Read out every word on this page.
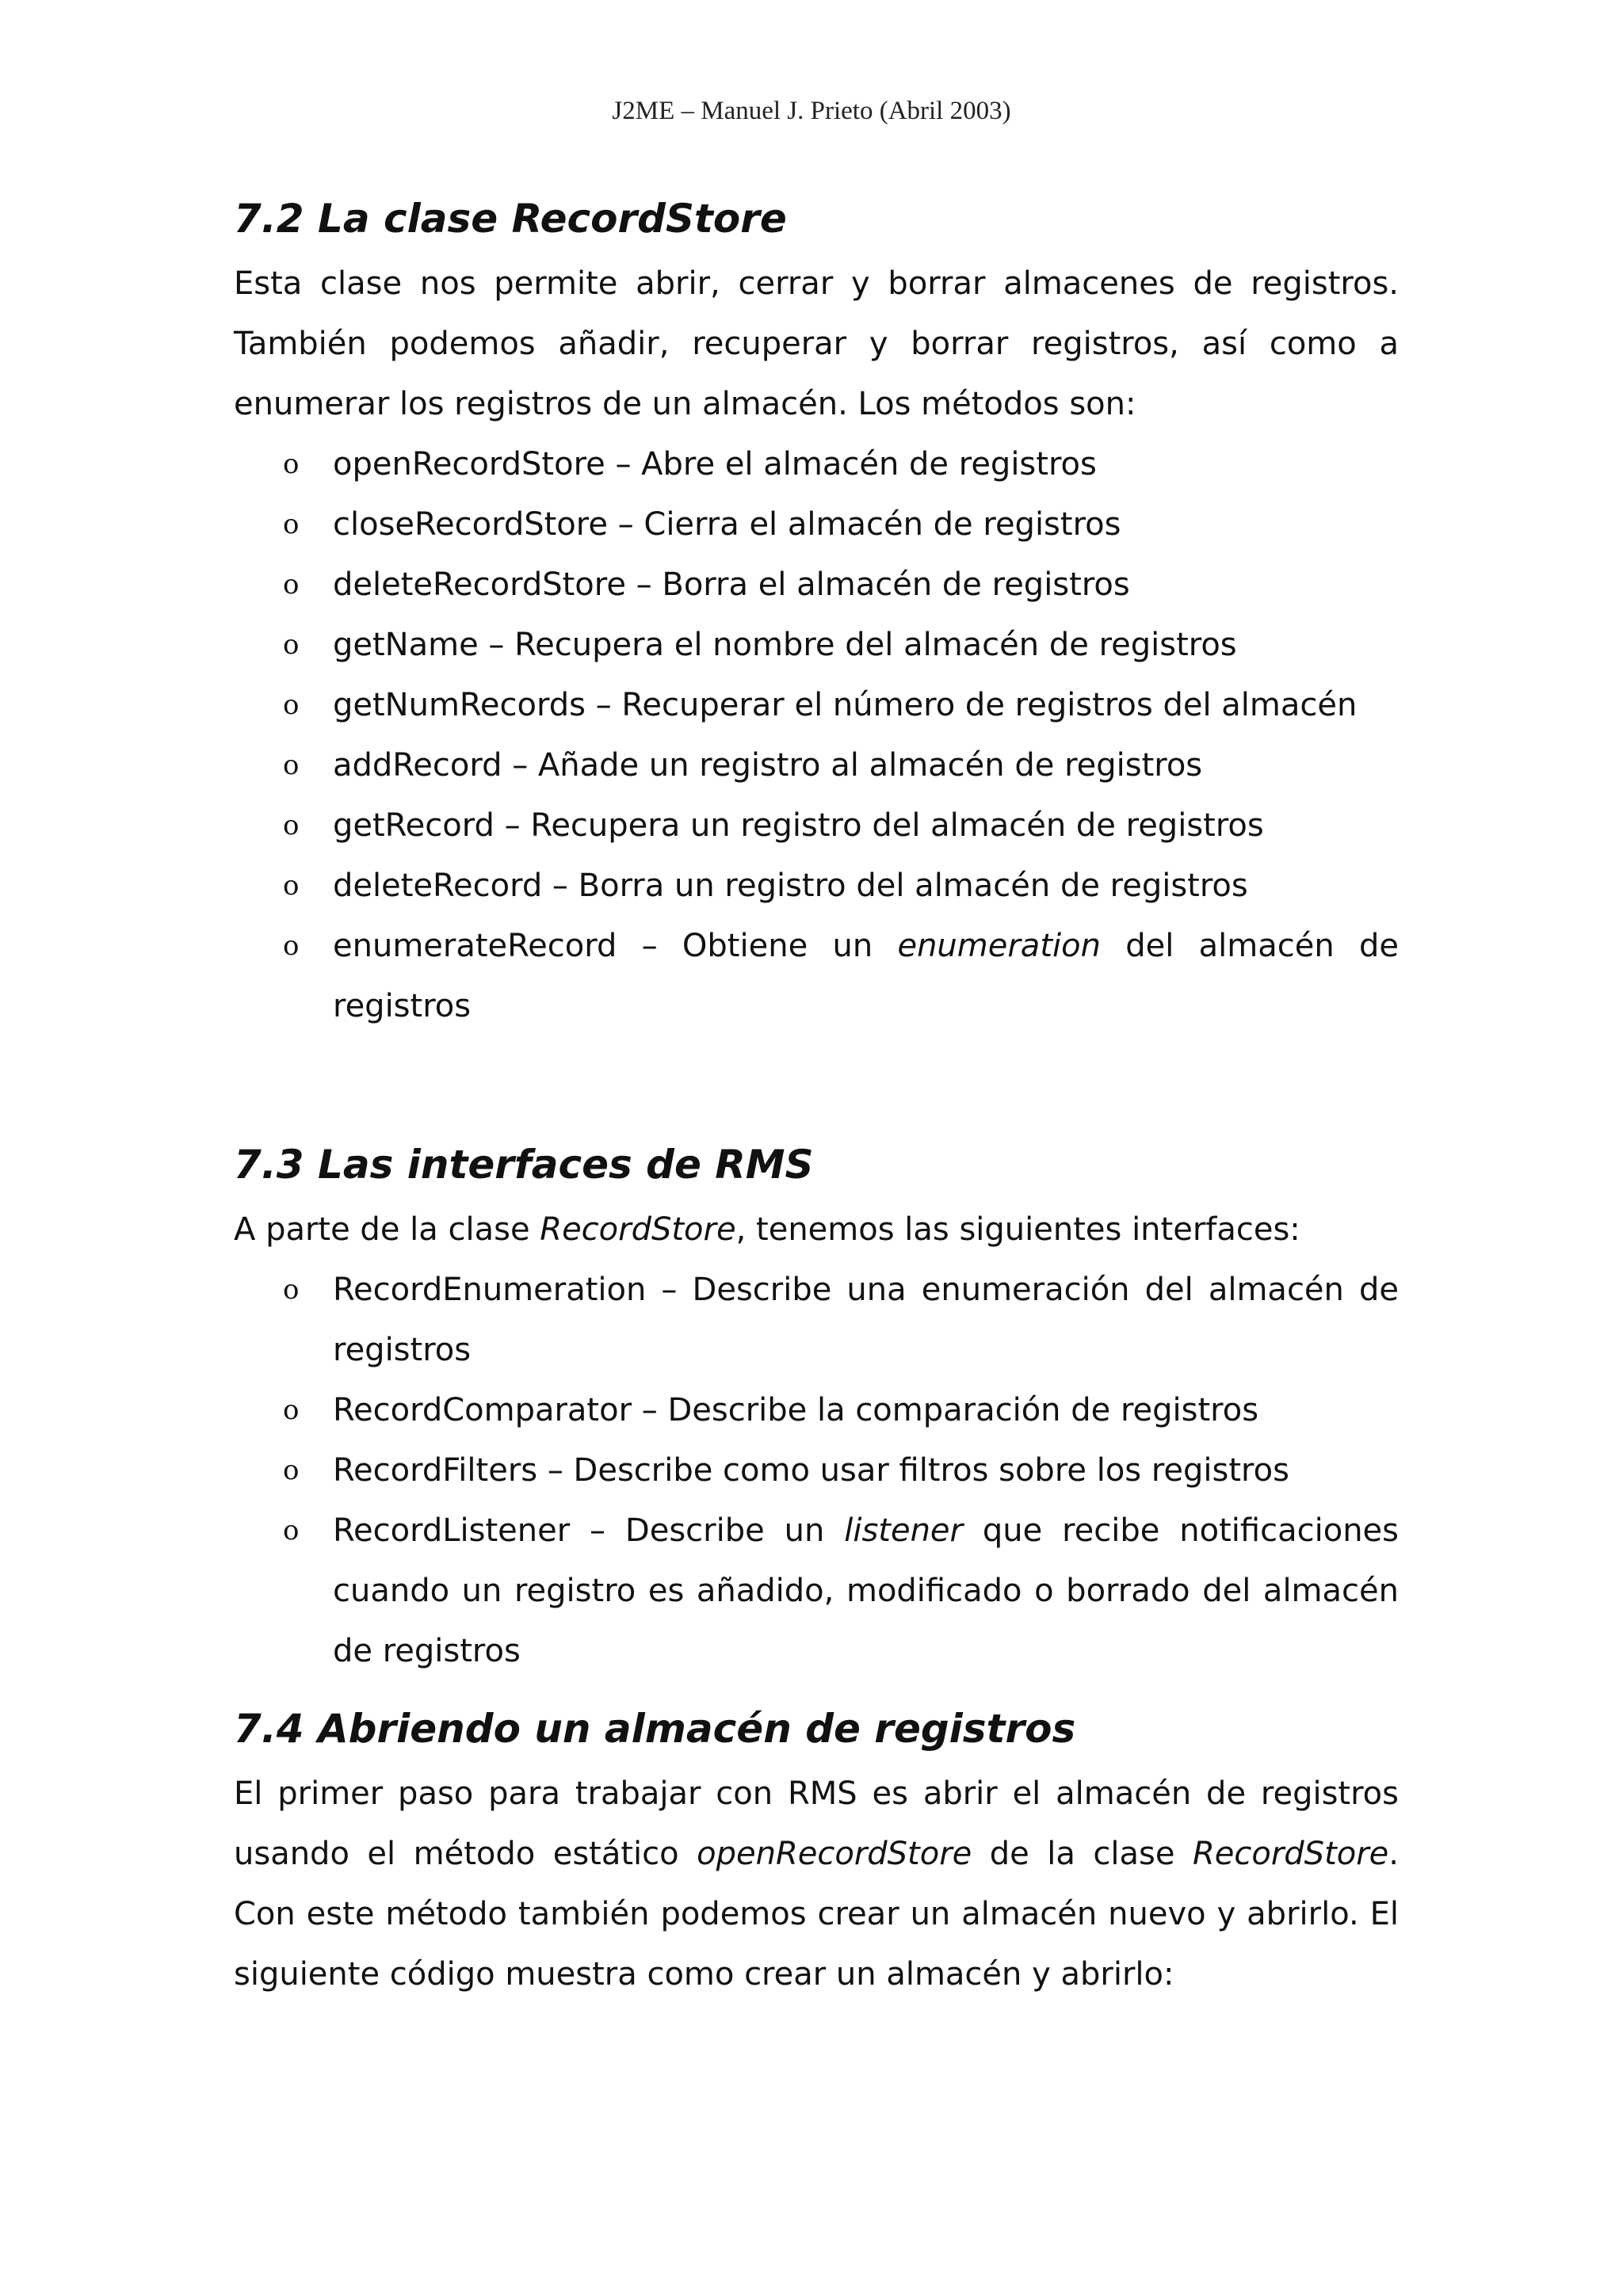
J2ME – Manuel J. Prieto (Abril 2003)
7.2 La clase RecordStore

Esta clase nos permite abrir, cerrar y borrar almacenes de registros. También podemos añadir, recuperar y borrar registros, así como a enumerar los registros de un almacén. Los métodos son:

o openRecordStore – Abre el almacén de registros
o closeRecordStore – Cierra el almacén de registros
o deleteRecordStore – Borra el almacén de registros
o getName – Recupera el nombre del almacén de registros
o getNumRecords – Recuperar el número de registros del almacén
o addRecord – Añade un registro al almacén de registros
o getRecord – Recupera un registro del almacén de registros
o deleteRecord – Borra un registro del almacén de registros
o enumerateRecord – Obtiene un enumeration del almacén de registros
7.3 Las interfaces de RMS

A parte de la clase RecordStore, tenemos las siguientes interfaces:

o RecordEnumeration – Describe una enumeración del almacén de registros
o RecordComparator – Describe la comparación de registros
o RecordFilters – Describe como usar filtros sobre los registros
o RecordListener – Describe un listener que recibe notificaciones cuando un registro es añadido, modificado o borrado del almacén de registros
7.4 Abriendo un almacén de registros

El primer paso para trabajar con RMS es abrir el almacén de registros usando el método estático openRecordStore de la clase RecordStore. Con este método también podemos crear un almacén nuevo y abrirlo. El siguiente código muestra como crear un almacén y abrirlo:
